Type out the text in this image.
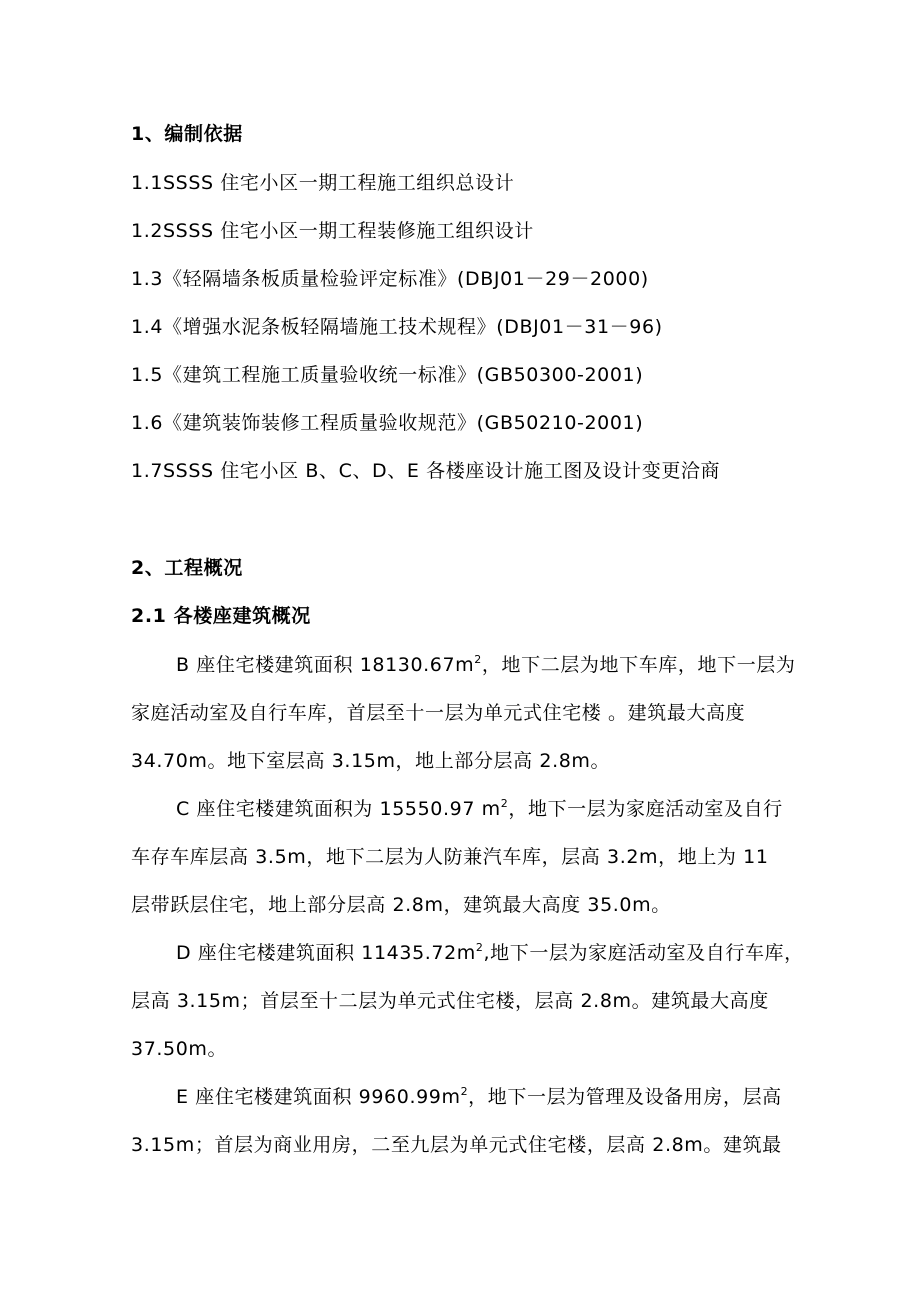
1、编制依据
1.1SSSS 住宅小区一期工程施工组织总设计
1.2SSSS 住宅小区一期工程装修施工组织设计
1.3《轻隔墙条板质量检验评定标准》(DBJ01－29－2000)
1.4《增强水泥条板轻隔墙施工技术规程》(DBJ01－31－96)
1.5《建筑工程施工质量验收统一标准》(GB50300-2001)
1.6《建筑装饰装修工程质量验收规范》(GB50210-2001)
1.7SSSS 住宅小区 B、C、D、E 各楼座设计施工图及设计变更洽商
2、工程概况
2.1 各楼座建筑概况
B 座住宅楼建筑面积 $18130.67m^2$，地下二层为地下车库，地下一层为
家庭活动室及自行车库，首层至十一层为单元式住宅楼 。建筑最大高度
34.70m。地下室层高 3.15m，地上部分层高 2.8m。
C 座住宅楼建筑面积为 15550.97 $m^2$，地下一层为家庭活动室及自行
车存车库层高 3.5m，地下二层为人防兼汽车库，层高 3.2m，地上为 11
层带跃层住宅，地上部分层高 2.8m，建筑最大高度 35.0m。
D 座住宅楼建筑面积 $11435.72m^2$,地下一层为家庭活动室及自行车库，
层高 3.15m；首层至十二层为单元式住宅楼，层高 2.8m。建筑最大高度
37.50m。
E 座住宅楼建筑面积 $9960.99m^2$，地下一层为管理及设备用房，层高
3.15m；首层为商业用房，二至九层为单元式住宅楼，层高 2.8m。建筑最
